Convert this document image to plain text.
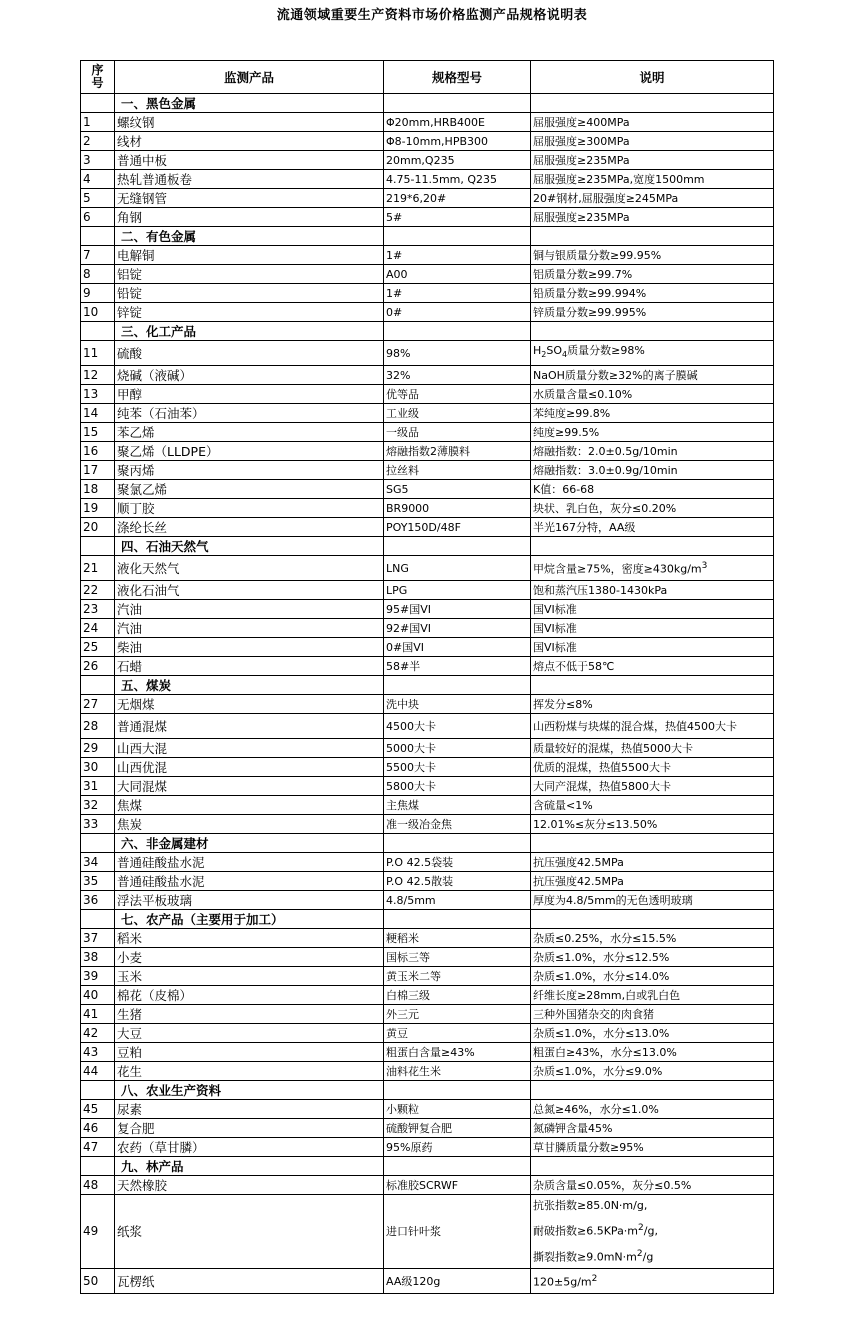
流通领域重要生产资料市场价格监测产品规格说明表
序
号	监测产品	规格型号	说明
	一、黑色金属		
1	螺纹钢	Φ20mm,HRB400E	屈服强度≥400MPa
2	线材	Φ8-10mm,HPB300	屈服强度≥300MPa
3	普通中板	20mm,Q235	屈服强度≥235MPa
4	热轧普通板卷	4.75-11.5mm, Q235	屈服强度≥235MPa,宽度1500mm
5	无缝钢管	219*6,20#	20#钢材,屈服强度≥245MPa
6	角钢	5#	屈服强度≥235MPa
	二、有色金属		
7	电解铜	1#	铜与银质量分数≥99.95%
8	铝锭	A00	铝质量分数≥99.7%
9	铅锭	1#	铅质量分数≥99.994%
10	锌锭	0#	锌质量分数≥99.995%
	三、化工产品		
11	硫酸	98%	$H_2SO_4$质量分数≥98%
12	烧碱（液碱）	32%	NaOH质量分数≥32%的离子膜碱
13	甲醇	优等品	水质量含量≤0.10%
14	纯苯（石油苯）	工业级	苯纯度≥99.8%
15	苯乙烯	一级品	纯度≥99.5%
16	聚乙烯（LLDPE）	熔融指数2薄膜料	熔融指数：2.0±0.5g/10min
17	聚丙烯	拉丝料	熔融指数：3.0±0.9g/10min
18	聚氯乙烯	SG5	K值：66-68
19	顺丁胶	BR9000	块状、乳白色，灰分≤0.20%
20	涤纶长丝	POY150D/48F	半光167分特，AA级
	四、石油天然气		
21	液化天然气	LNG	甲烷含量≥75%，密度$\ge 430kg/m^3$
22	液化石油气	LPG	饱和蒸汽压1380-1430kPa
23	汽油	95#国VI	国VI标准
24	汽油	92#国VI	国VI标准
25	柴油	0#国VI	国VI标准
26	石蜡	58#半	熔点不低于58℃
	五、煤炭		
27	无烟煤	洗中块	挥发分≤8%
28	普通混煤	4500大卡	山西粉煤与块煤的混合煤，热值4500大卡
29	山西大混	5000大卡	质量较好的混煤，热值5000大卡
30	山西优混	5500大卡	优质的混煤，热值5500大卡
31	大同混煤	5800大卡	大同产混煤，热值5800大卡
32	焦煤	主焦煤	含硫量<1%
33	焦炭	准一级冶金焦	12.01%≤灰分≤13.50%
	六、非金属建材		
34	普通硅酸盐水泥	P.O 42.5袋装	抗压强度42.5MPa
35	普通硅酸盐水泥	P.O 42.5散装	抗压强度42.5MPa
36	浮法平板玻璃	4.8/5mm	厚度为4.8/5mm的无色透明玻璃
	七、农产品（主要用于加工）		
37	稻米	粳稻米	杂质≤0.25%，水分≤15.5%
38	小麦	国标三等	杂质≤1.0%，水分≤12.5%
39	玉米	黄玉米二等	杂质≤1.0%，水分≤14.0%
40	棉花（皮棉）	白棉三级	纤维长度≥28mm,白或乳白色
41	生猪	外三元	三种外国猪杂交的肉食猪
42	大豆	黄豆	杂质≤1.0%，水分≤13.0%
43	豆粕	粗蛋白含量≥43%	粗蛋白≥43%，水分≤13.0%
44	花生	油料花生米	杂质≤1.0%，水分≤9.0%
	八、农业生产资料		
45	尿素	小颗粒	总氮≥46%，水分≤1.0%
46	复合肥	硫酸钾复合肥	氮磷钾含量45%
47	农药（草甘膦）	95%原药	草甘膦质量分数≥95%
	九、林产品		
48	天然橡胶	标准胶SCRWF	杂质含量≤0.05%，灰分≤0.5%
49	纸浆	进口针叶浆	抗张指数≥85.0N·m/g,
耐破指数$\ge 6.5KPa\cdot m^2/g$,
撕裂指数$\ge 9.0mN\cdot m^2/g$

50	瓦楞纸	AA级120g	$120\pm 5g/m^2$
